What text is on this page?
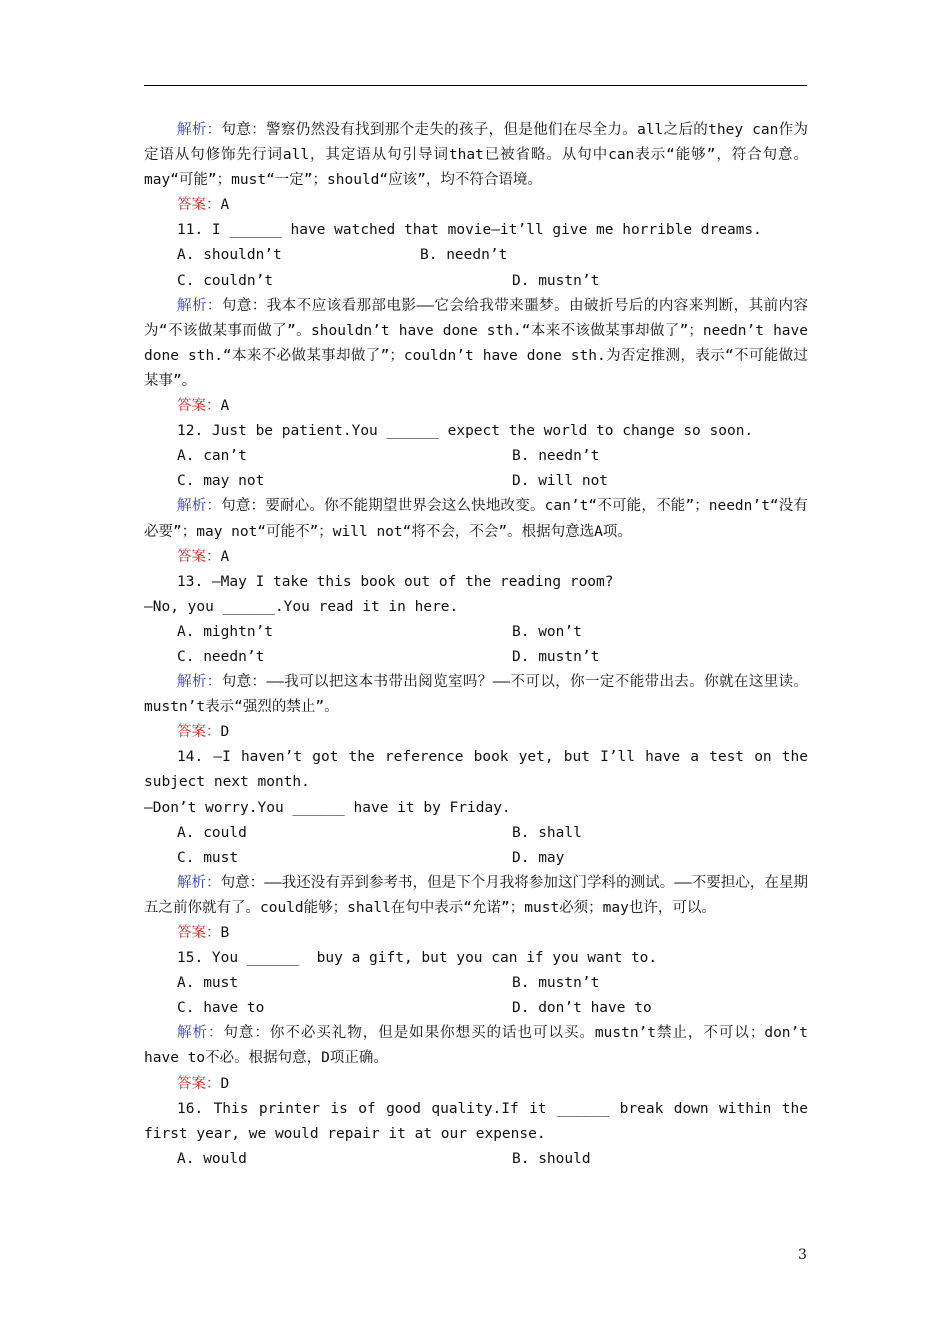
解析：句意：警察仍然没有找到那个走失的孩子，但是他们在尽全力。all之后的they can作为定语从句修饰先行词all，其定语从句引导词that已被省略。从句中can表示“能够”，符合句意。may“可能”；must“一定”；should“应该”，均不符合语境。

答案：A

11. I ______ have watched that movie—it’ll give me horrible dreams.

A. shouldn’t	B. needn’t
C. couldn’t	D. mustn’t

解析：句意：我本不应该看那部电影——它会给我带来噩梦。由破折号后的内容来判断，其前内容为“不该做某事而做了”。shouldn’t have done sth.“本来不该做某事却做了”；needn’t have done sth.“本来不必做某事却做了”；couldn’t have done sth.为否定推测，表示“不可能做过某事”。

答案：A

12. Just be patient.You ______ expect the world to change so soon.

A. can’t	B. needn’t
C. may not	D. will not

解析：句意：要耐心。你不能期望世界会这么快地改变。can’t“不可能，不能”；needn’t“没有必要”；may not“可能不”；will not“将不会，不会”。根据句意选A项。

答案：A

13. —May I take this book out of the reading room?

—No, you ______.You read it in here.

A. mightn’t	B. won’t
C. needn’t	D. mustn’t

解析：句意：——我可以把这本书带出阅览室吗？——不可以，你一定不能带出去。你就在这里读。mustn’t表示“强烈的禁止”。

答案：D

14. —I haven’t got the reference book yet, but I’ll have a test on the subject next month.

—Don’t worry.You ______ have it by Friday.

A. could	B. shall
C. must	D. may

解析：句意：——我还没有弄到参考书，但是下个月我将参加这门学科的测试。——不要担心，在星期五之前你就有了。could能够；shall在句中表示“允诺”；must必须；may也许，可以。

答案：B

15. You ______  buy a gift, but you can if you want to.

A. must	B. mustn’t
C. have to	D. don’t have to

解析：句意：你不必买礼物，但是如果你想买的话也可以买。mustn’t禁止，不可以；don’t have to不必。根据句意，D项正确。

答案：D

16. This printer is of good quality.If it ______ break down within the first year, we would repair it at our expense.

A. would	B. should
3
